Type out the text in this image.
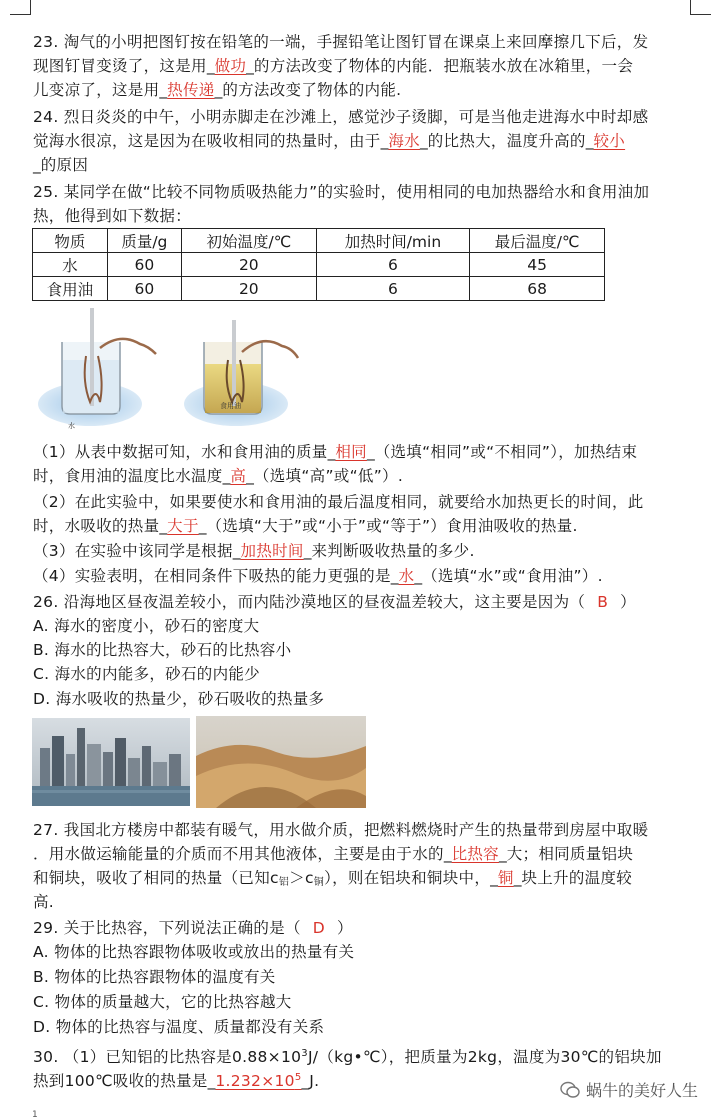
23. 淘气的小明把图钉按在铅笔的一端，手握铅笔让图钉冒在课桌上来回摩擦几下后，发
现图钉冒变烫了，这是用_做功_的方法改变了物体的内能．把瓶装水放在冰箱里，一会
儿变凉了，这是用_热传递_的方法改变了物体的内能.
24. 烈日炎炎的中午，小明赤脚走在沙滩上，感觉沙子烫脚，可是当他走进海水中时却感
觉海水很凉，这是因为在吸收相同的热量时，由于_海水_的比热大，温度升高的_较小
_的原因
25. 某同学在做“比较不同物质吸热能力”的实验时，使用相同的电加热器给水和食用油加
热，他得到如下数据：
物质	质量/g	初始温度/℃	加热时间/min	最后温度/℃
水	60	20	6	45
食用油	60	20	6	68
水
食用油
（1）从表中数据可知，水和食用油的质量_相同_（选填“相同”或“不相同”），加热结束
时，食用油的温度比水温度_高_（选填“高”或“低”）.
（2）在此实验中，如果要使水和食用油的最后温度相同，就要给水加热更长的时间，此
时，水吸收的热量_大于_（选填“大于”或“小于”或“等于”）食用油吸收的热量.
（3）在实验中该同学是根据_加热时间_来判断吸收热量的多少.
（4）实验表明，在相同条件下吸热的能力更强的是_水_（选填“水”或“食用油”）.
26. 沿海地区昼夜温差较小，而内陆沙漠地区的昼夜温差较大，这主要是因为（ B ）
A. 海水的密度小，砂石的密度大
B. 海水的比热容大，砂石的比热容小
C. 海水的内能多，砂石的内能少
D. 海水吸收的热量少，砂石吸收的热量多
27. 我国北方楼房中都装有暖气，用水做介质，把燃料燃烧时产生的热量带到房屋中取暖
．用水做运输能量的介质而不用其他液体，主要是由于水的_比热容_大；相同质量铝块
和铜块，吸收了相同的热量（已知$c_铝>c_铜$），则在铝块和铜块中，_铜_块上升的温度较
高.
29. 关于比热容，下列说法正确的是（ D ）
A. 物体的比热容跟物体吸收或放出的热量有关
B. 物体的比热容跟物体的温度有关
C. 物体的质量越大，它的比热容越大
D. 物体的比热容与温度、质量都没有关系
30. （1）已知铝的比热容是$0.88\times 10^3J/(kg•℃)$，把质量为2kg，温度为30℃的铝块加
热到100℃吸收的热量是$\_1.232\times 10^5\_J$.	蜗牛的美好人生
1
